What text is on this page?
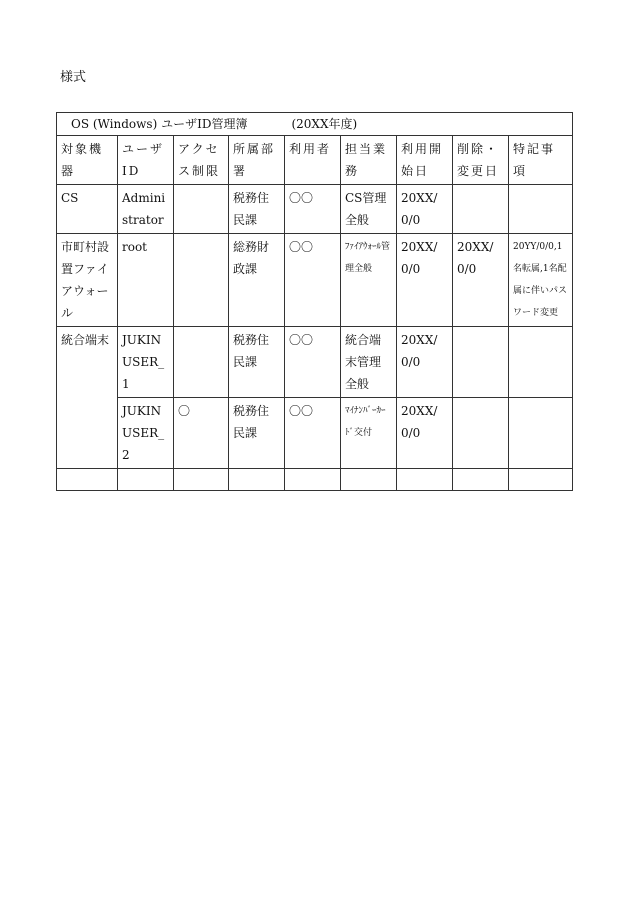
様式
OS (Windows) ユーザID管理簿 (20XX年度)								
対象機器	ユーザID	アクセス制限	所属部署	利用者	担当業務	利用開始日	削除・変更日	特記事項
CS	Administrator		税務住民課	〇〇	CS管理全般	20XX/0/0		
市町村設置ファイアウォール	root		総務財政課	〇〇	ﾌｧｲｱｳｫｰﾙ管理全般	20XX/0/0	20XX/0/0	20YY/0/0,1名転属,1名配属に伴いパスワード変更
統合端末	JUKINUSER_1		税務住民課	〇〇	統合端末管理全般	20XX/0/0		
	JUKINUSER_2	〇	税務住民課	〇〇	ﾏｲﾅﾝﾊﾞｰｶｰﾄﾞ交付	20XX/0/0		
